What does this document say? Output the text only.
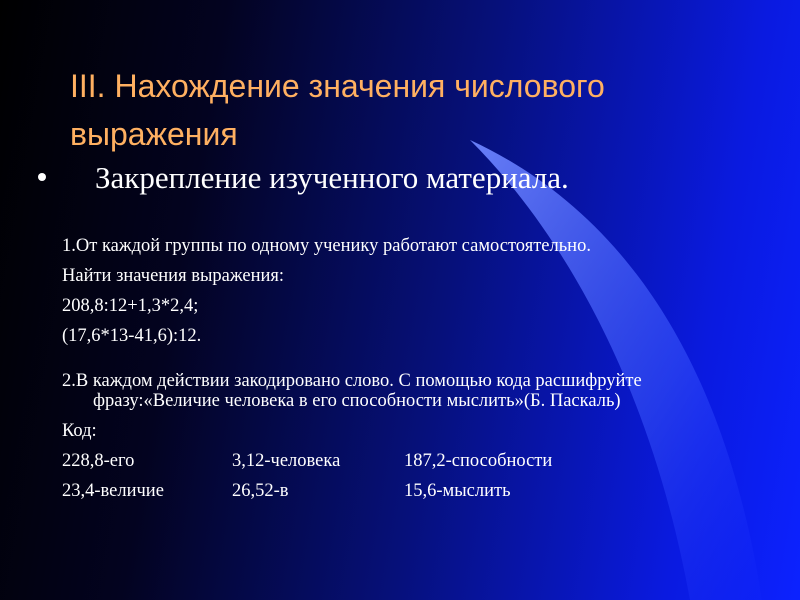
III. Нахождение значения числового выражения
Закрепление изученного материала.

1.От каждой группы по одному ученику работают самостоятельно.

Найти значения выражения:

208,8:12+1,3*2,4;

(17,6*13-41,6):12.

2.В каждом действии закодировано слово. С помощью кода расшифруйте фразу:«Величие человека в его способности мыслить»(Б. Паскаль)

Код:

228,8-его	3,12-человека	187,2-способности
23,4-величие	26,52-в	15,6-мыслить
